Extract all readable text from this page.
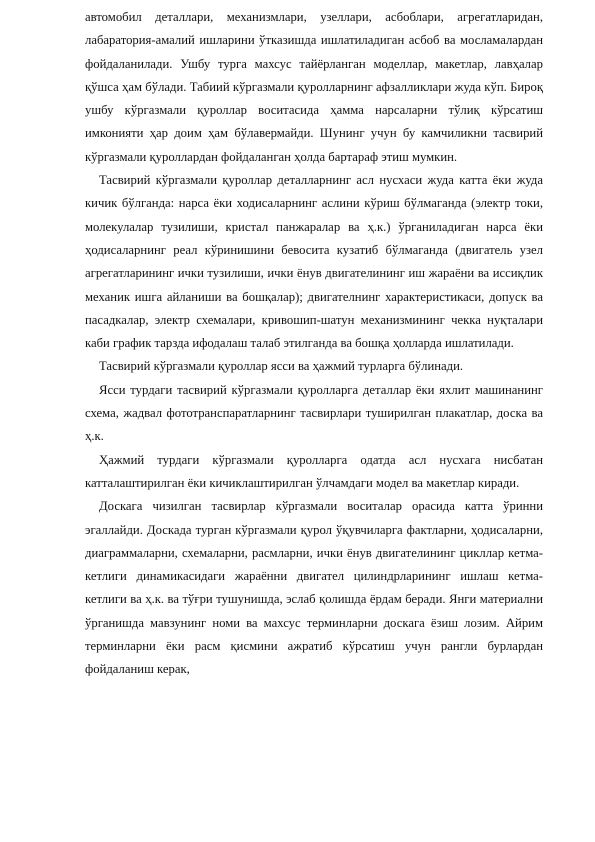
автомобил деталлари, механизмлари, узеллари, асбоблари, агрегатларидан, лабаратория-амалий ишларини ўтказишда ишлатиладиган асбоб ва мосламалардан фойдаланилади. Ушбу турга махсус тайёрланган моделлар, макетлар, лавҳалар қўшса ҳам бўлади. Табиий кўргазмали қуролларнинг афзалликлари жуда кўп. Бироқ ушбу кўргазмали қуроллар воситасида ҳамма нарсаларни тўлиқ кўрсатиш имконияти ҳар доим ҳам бўлавермайди. Шунинг учун бу камчиликни тасвирий кўргазмали қуроллардан фойдаланган ҳолда бартараф этиш мумкин.

Тасвирий кўргазмали қуроллар деталларнинг асл нусхаси жуда катта ёки жуда кичик бўлганда: нарса ёки ходисаларнинг аслини кўриш бўлмаганда (электр токи, молекулалар тузилиши, кристал панжаралар ва ҳ.к.) ўрганиладиган нарса ёки ҳодисаларнинг реал кўринишини бевосита кузатиб бўлмаганда (двигатель узел агрегатларининг ички тузилиши, ички ёнув двигателининг иш жараёни ва иссиқлик механик ишга айланиши ва бошқалар); двигателнинг характеристикаси, допуск ва пасадкалар, электр схемалари, кривошип-шатун механизмининг чекка нуқталари каби график тарзда ифодалаш талаб этилганда ва бошқа ҳолларда ишлатилади.

Тасвирий кўргазмали қуроллар ясси ва ҳажмий турларга бўлинади.

Ясси турдаги тасвирий кўргазмали қуролларга деталлар ёки яхлит машинанинг схема, жадвал фототранспаратларнинг тасвирлари туширилган плакатлар, доска ва ҳ.к.

Ҳажмий турдаги кўргазмали қуролларга одатда асл нусхага нисбатан катталаштирилган ёки кичиклаштирилган ўлчамдаги модел ва макетлар киради.

Доскага чизилган тасвирлар кўргазмали воситалар орасида катта ўринни эгаллайди. Доскада турган кўргазмали қурол ўқувчиларга фактларни, ҳодисаларни, диаграммаларни, схемаларни, расмларни, ички ёнув двигателининг цикллар кетма-кетлиги динамикасидаги жараённи двигател цилиндрларининг ишлаш кетма-кетлиги ва ҳ.к. ва тўғри тушунишда, эслаб қолишда ёрдам беради. Янги материални ўрганишда мавзунинг номи ва махсус терминларни доскага ёзиш лозим. Айрим терминларни ёки расм қисмини ажратиб кўрсатиш учун рангли бурлардан фойдаланиш керак,
